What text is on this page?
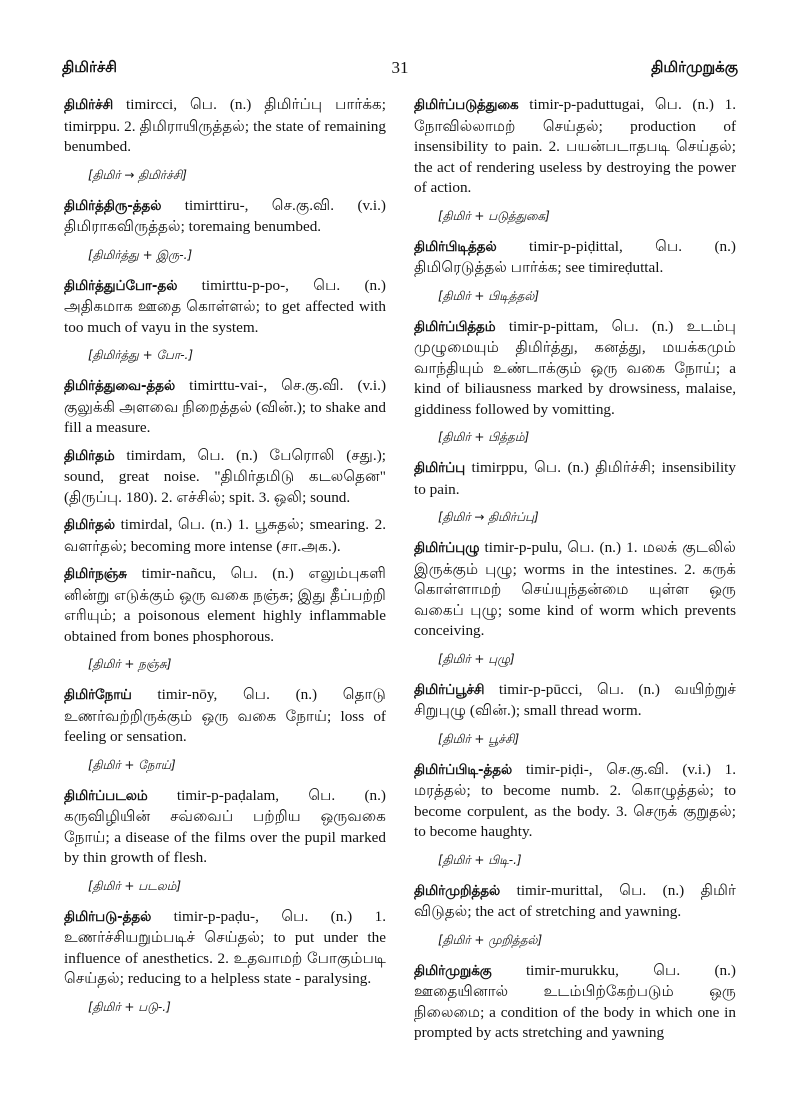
திமிர்ச்சி	31	திமிர்முறுக்கு
திமிர்ச்சி timircci, பெ. (n.) திமிர்ப்பு பார்க்க; timirppu. 2. திமிராயிருத்தல்; the state of remaining benumbed.
[திமிர் → திமிர்ச்சி]
திமிர்த்திரு-த்தல் timirttiru-, செ.கு.வி. (v.i.) திமிராகவிருத்தல்; toremaing benumbed.
[திமிர்த்து + இரு-.]
திமிர்த்துப்போ-தல் timirttu-p-po-, பெ. (n.) அதிகமாக ஊதை கொள்ளல்; to get affected with too much of vayu in the system.
[திமிர்த்து + போ-.]
திமிர்த்துவை-த்தல் timirttu-vai-, செ.கு.வி. (v.i.) குலுக்கி அளவை நிறைத்தல் (வின்.); to shake and fill a measure.
திமிர்தம் timirdam, பெ. (n.) பேரொலி (சது.); sound, great noise. "திமிர்தமிடு கடலதென" (திருப்பு. 180). 2. எச்சில்; spit. 3. ஒலி; sound.
திமிர்தல் timirdal, பெ. (n.) 1. பூசுதல்; smearing. 2. வளர்தல்; becoming more intense (சா.அக.).
திமிர்நஞ்சு timir-nañcu, பெ. (n.) எலும்புகளி னின்று எடுக்கும் ஒரு வகை நஞ்சு; இது தீப்பற்றி எரியும்; a poisonous element highly inflammable obtained from bones phosphorous.
[திமிர் + நஞ்சு]
திமிர்நோய் timir-nōy, பெ. (n.) தொடு உணர்வற்றிருக்கும் ஒரு வகை நோய்; loss of feeling or sensation.
[திமிர் + நோய்]
திமிர்ப்படலம் timir-p-paḍalam, பெ. (n.) கருவிழியின் சவ்வைப் பற்றிய ஒருவகை நோய்; a disease of the films over the pupil marked by thin growth of flesh.
[திமிர் + படலம்]
திமிர்படு-த்தல் timir-p-paḍu-, பெ. (n.) 1. உணர்ச்சியறும்படிச் செய்தல்; to put under the influence of anesthetics. 2. உதவாமற் போகும்படி செய்தல்; reducing to a helpless state - paralysing.
[திமிர் + படு-.]
திமிர்ப்படுத்துகை timir-p-paduttugai, பெ. (n.) 1. நோவில்லாமற் செய்தல்; production of insensibility to pain. 2. பயன்படாதபடி செய்தல்; the act of rendering useless by destroying the power of action.
[திமிர் + படுத்துகை]
திமிர்பிடித்தல் timir-p-piḍittal, பெ. (n.) திமிரெடுத்தல் பார்க்க; see timireḍuttal.
[திமிர் + பிடித்தல்]
திமிர்ப்பித்தம் timir-p-pittam, பெ. (n.) உடம்பு முழுமையும் திமிர்த்து, கனத்து, மயக்கமும் வாந்தியும் உண்டாக்கும் ஒரு வகை நோய்; a kind of biliausness marked by drowsiness, malaise, giddiness followed by vomitting.
[திமிர் + பித்தம்]
திமிர்ப்பு timirppu, பெ. (n.) திமிர்ச்சி; insensibility to pain.
[திமிர் → திமிர்ப்பு]
திமிர்ப்புழு timir-p-pulu, பெ. (n.) 1. மலக் குடலில் இருக்கும் புழு; worms in the intestines. 2. கருக் கொள்ளாமற் செய்யுந்தன்மை யுள்ள ஒரு வகைப் புழு; some kind of worm which prevents conceiving.
[திமிர் + புழு]
திமிர்ப்பூச்சி timir-p-pūcci, பெ. (n.) வயிற்றுச் சிறுபுழு (வின்.); small thread worm.
[திமிர் + பூச்சி]
திமிர்ப்பிடி-த்தல் timir-piḍi-, செ.கு.வி. (v.i.) 1. மரத்தல்; to become numb. 2. கொழுத்தல்; to become corpulent, as the body. 3. செருக் குறுதல்; to become haughty.
[திமிர் + பிடி-.]
திமிர்முறித்தல் timir-murittal, பெ. (n.) திமிர் விடுதல்; the act of stretching and yawning.
[திமிர் + முறித்தல்]
திமிர்முறுக்கு timir-murukku, பெ. (n.) ஊதையினால் உடம்பிற்கேற்படும் ஒரு நிலைமை; a condition of the body in which one in prompted by acts stretching and yawning
